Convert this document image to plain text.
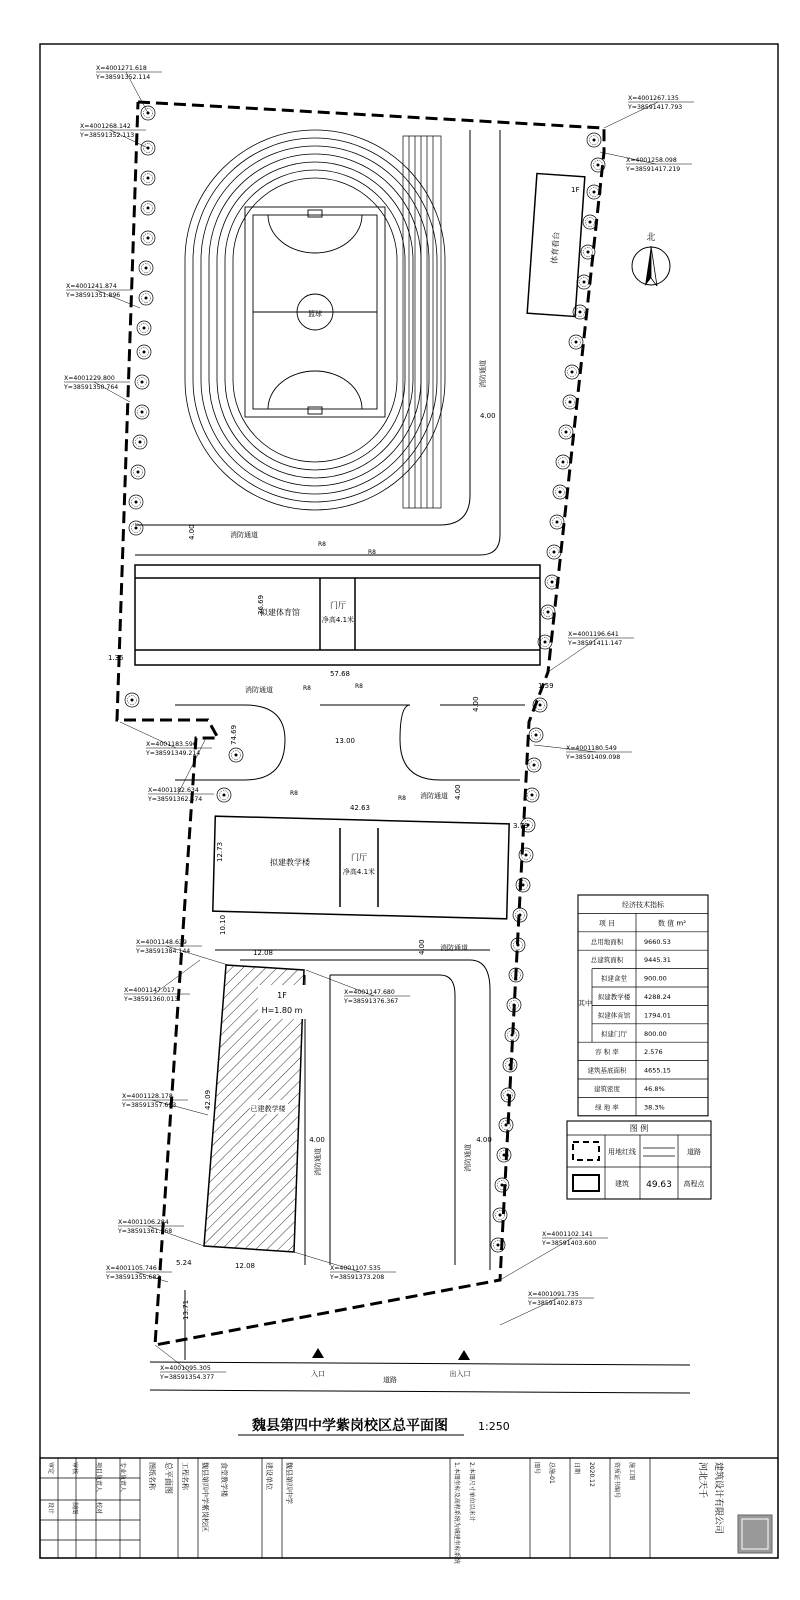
篮球
道路
拟建体育馆
门厅
净高4.1米
体育看台
1F
拟建教学楼
门厅
净高4.1米
已建教学楼
1F
H=1.80 m
42.63
57.68
13.00
12.08
12.08
1.35
1.59
3.79
5.24
4.00
4.00
4.00
4.00
4.00
4.00	4.00
12.73
13.71
36.69
74.69
42.09
10.10
R8
R8
R8	R8
R8
R8
消防通道
消防通道
消防通道
消防通道
消防通道
消防通道	消防通道
入口	出入口
X=4001271.618
Y=38591352.114
X=4001268.142
Y=38591352.113
X=4001267.135
Y=38591417.793
X=4001258.098
Y=38591417.219
X=4001241.874
Y=38591351.896
X=4001229.800
Y=38591350.764
X=4001196.641
Y=38591411.147
X=4001183.596
Y=38591349.214
X=4001180.549
Y=38591409.098
X=4001182.634
Y=38591362.574
X=4001148.639
Y=38591384.144
X=4001147.017
Y=38591360.013
X=4001147.680
Y=38591376.367
X=4001128.178
Y=38591357.693
X=4001106.284
Y=38591361.168
X=4001107.535
Y=38591373.208
X=4001105.746
Y=38591355.682
X=4001102.141
Y=38591403.600
X=4001091.735
Y=38591402.873
X=4001095.305
Y=38591354.377
北
经济技术指标
项 目	数 值 m²
其中
总用地面积	9660.53
总建筑面积	9445.31
拟建食堂	900.00
拟建教学楼 4288.24
拟建体育馆 1794.01
拟建门厅	800.00
容 积 率	2.576
建筑基底面积	4655.15
建筑密度	46.8%
绿 地 率	38.3%
图 例
用地红线	道路
建筑 49.63 高程点
魏县第四中学紫岗校区总平面图	1:250
审定	审核	项目负责人	专业负责人
设计	制图	校对
工程名称 魏县第四中学紫岗校区 食堂教学楼
图纸名称 总平面图	建设单位 魏县第四中学	1.本图坐标及高程系统为城建坐标系统 2.本图尺寸单位以米计	图号 总施-01	日期 2020.12	资质证书编号 施工图	河北天千 建筑设计有限公司
